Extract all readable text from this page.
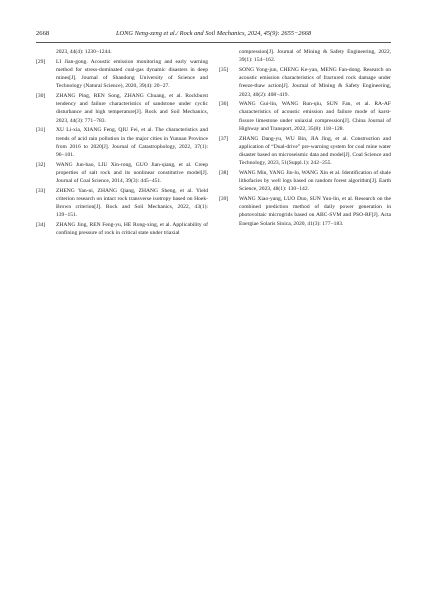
2668	LONG Neng-zeng et al./ Rock and Soil Mechanics, 2024, 45(9): 2655−2668
2023, 44(4): 1230−1244.
[29] LI Jian-gong. Acoustic emission monitoring and early warning method for stress-dominated coal-gas dynamic disasters in deep mines[J]. Journal of Shandong University of Science and Technology (Natural Science), 2020, 39(4): 20−27.
[30] ZHANG Ping, REN Song, ZHANG Chuang, et al. Rockburst tendency and failure characteristics of sandstone under cyclic disturbance and high temperature[J]. Rock and Soil Mechanics, 2023, 44(3): 771−783.
[31] XU Li-xia, XIANG Feng, QIU Fei, et al. The characteristics and trends of acid rain pollution in the major cities in Yunnan Province from 2016 to 2020[J]. Journal of Catastrophology, 2022, 37(1): 96−101.
[32] WANG Jun-bao, LIU Xin-rong, GUO Jian-qiang, et al. Creep properties of salt rock and its nonlinear constitutive model[J]. Journal of Coal Science, 2014, 39(3): 445−451.
[33] ZHENG Yan-ni, ZHANG Qiang, ZHANG Sheng, et al. Yield criterion research on intact rock transverse isotropy based on Hoek-Brown criterion[J]. Rock and Soil Mechanics, 2022, 43(1): 139−151.
[34] ZHANG Jing, REN Feng-yu, HE Rong-xing, et al. Applicability of confining pressure of rock in critical state under triaxial
compression[J]. Journal of Mining & Safety Engineering, 2022, 39(1): 154−162.
[35] SONG Yong-jun, CHENG Ke-yan, MENG Fan-dong. Research on acoustic emission characteristics of fractured rock damage under freeze-thaw action[J]. Journal of Mining & Safety Engineering, 2023, 40(2): 408−419.
[36] WANG Gui-lin, WANG Run-qiu, SUN Fan, et al. RA-AF characteristics of acoustic emission and failure mode of karst-fissure limestone under uniaxial compression[J]. China Journal of Highway and Transport, 2022, 35(8): 118−128.
[37] ZHANG Dang-yu, WU Bin, JIA Jing, et al. Construction and application of “Dual-drive” pre-warning system for coal mine water disaster based on microseismic data and model[J]. Coal Science and Technology, 2023, 51(Suppl.1): 242−255.
[38] WANG Min, YANG Jin-lu, WANG Xin et al. Identification of shale lithofacies by well logs based on random forest algorithm[J]. Earth Science, 2023, 48(1): 130−142.
[39] WANG Xiao-yang, LUO Duo, SUN Yun-lin, et al. Research on the combined prediction method of daily power generation in photovoltaic microgrids based on ABC-SVM and PSO-RF[J]. Acta Energiae Solaris Sinica, 2020, 41(3): 177−183.
